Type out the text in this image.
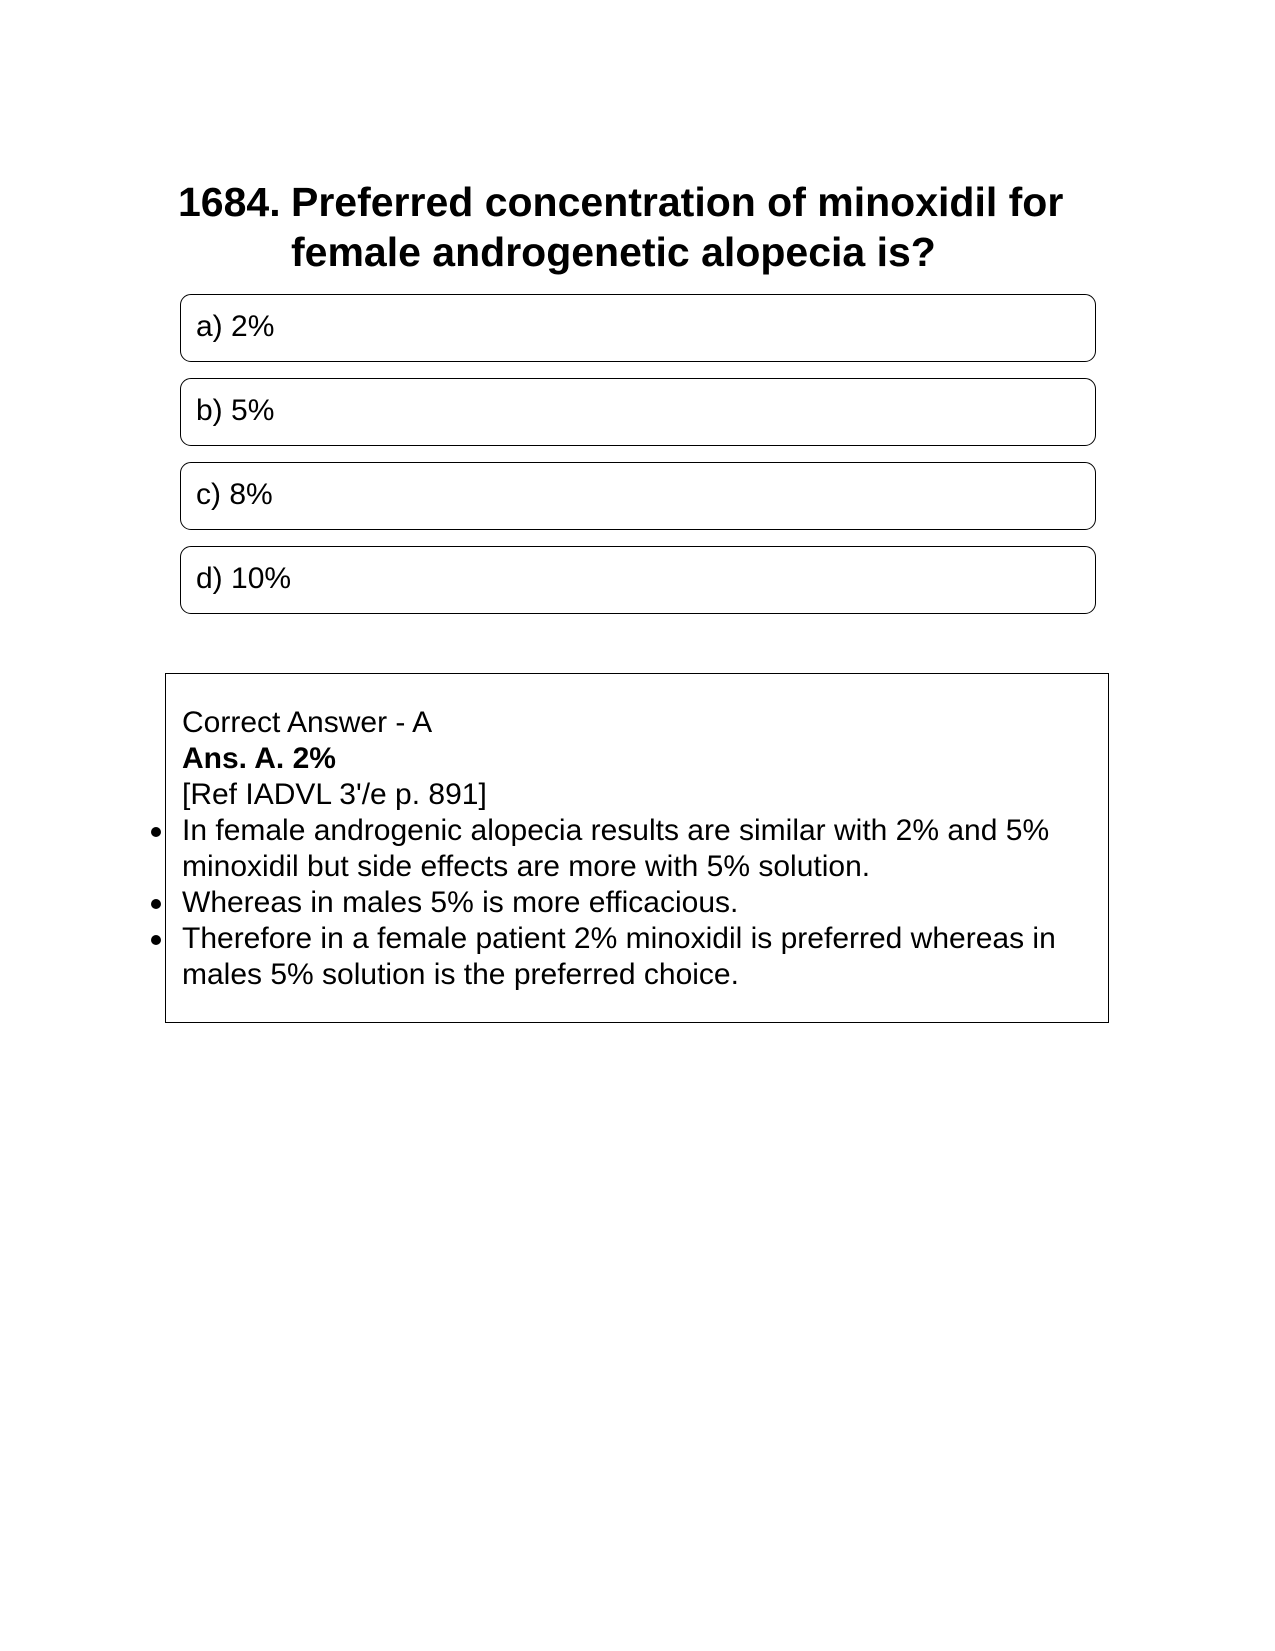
1684. Preferred concentration of minoxidil for female androgenetic alopecia is?
a) 2%
b) 5%
c) 8%
d) 10%
Correct Answer - A
Ans. A. 2%
[Ref IADVL 3'/e p. 891]
In female androgenic alopecia results are similar with 2% and 5% minoxidil but side effects are more with 5% solution.
Whereas in males 5% is more efficacious.
Therefore in a female patient 2% minoxidil is preferred whereas in males 5% solution is the preferred choice.
